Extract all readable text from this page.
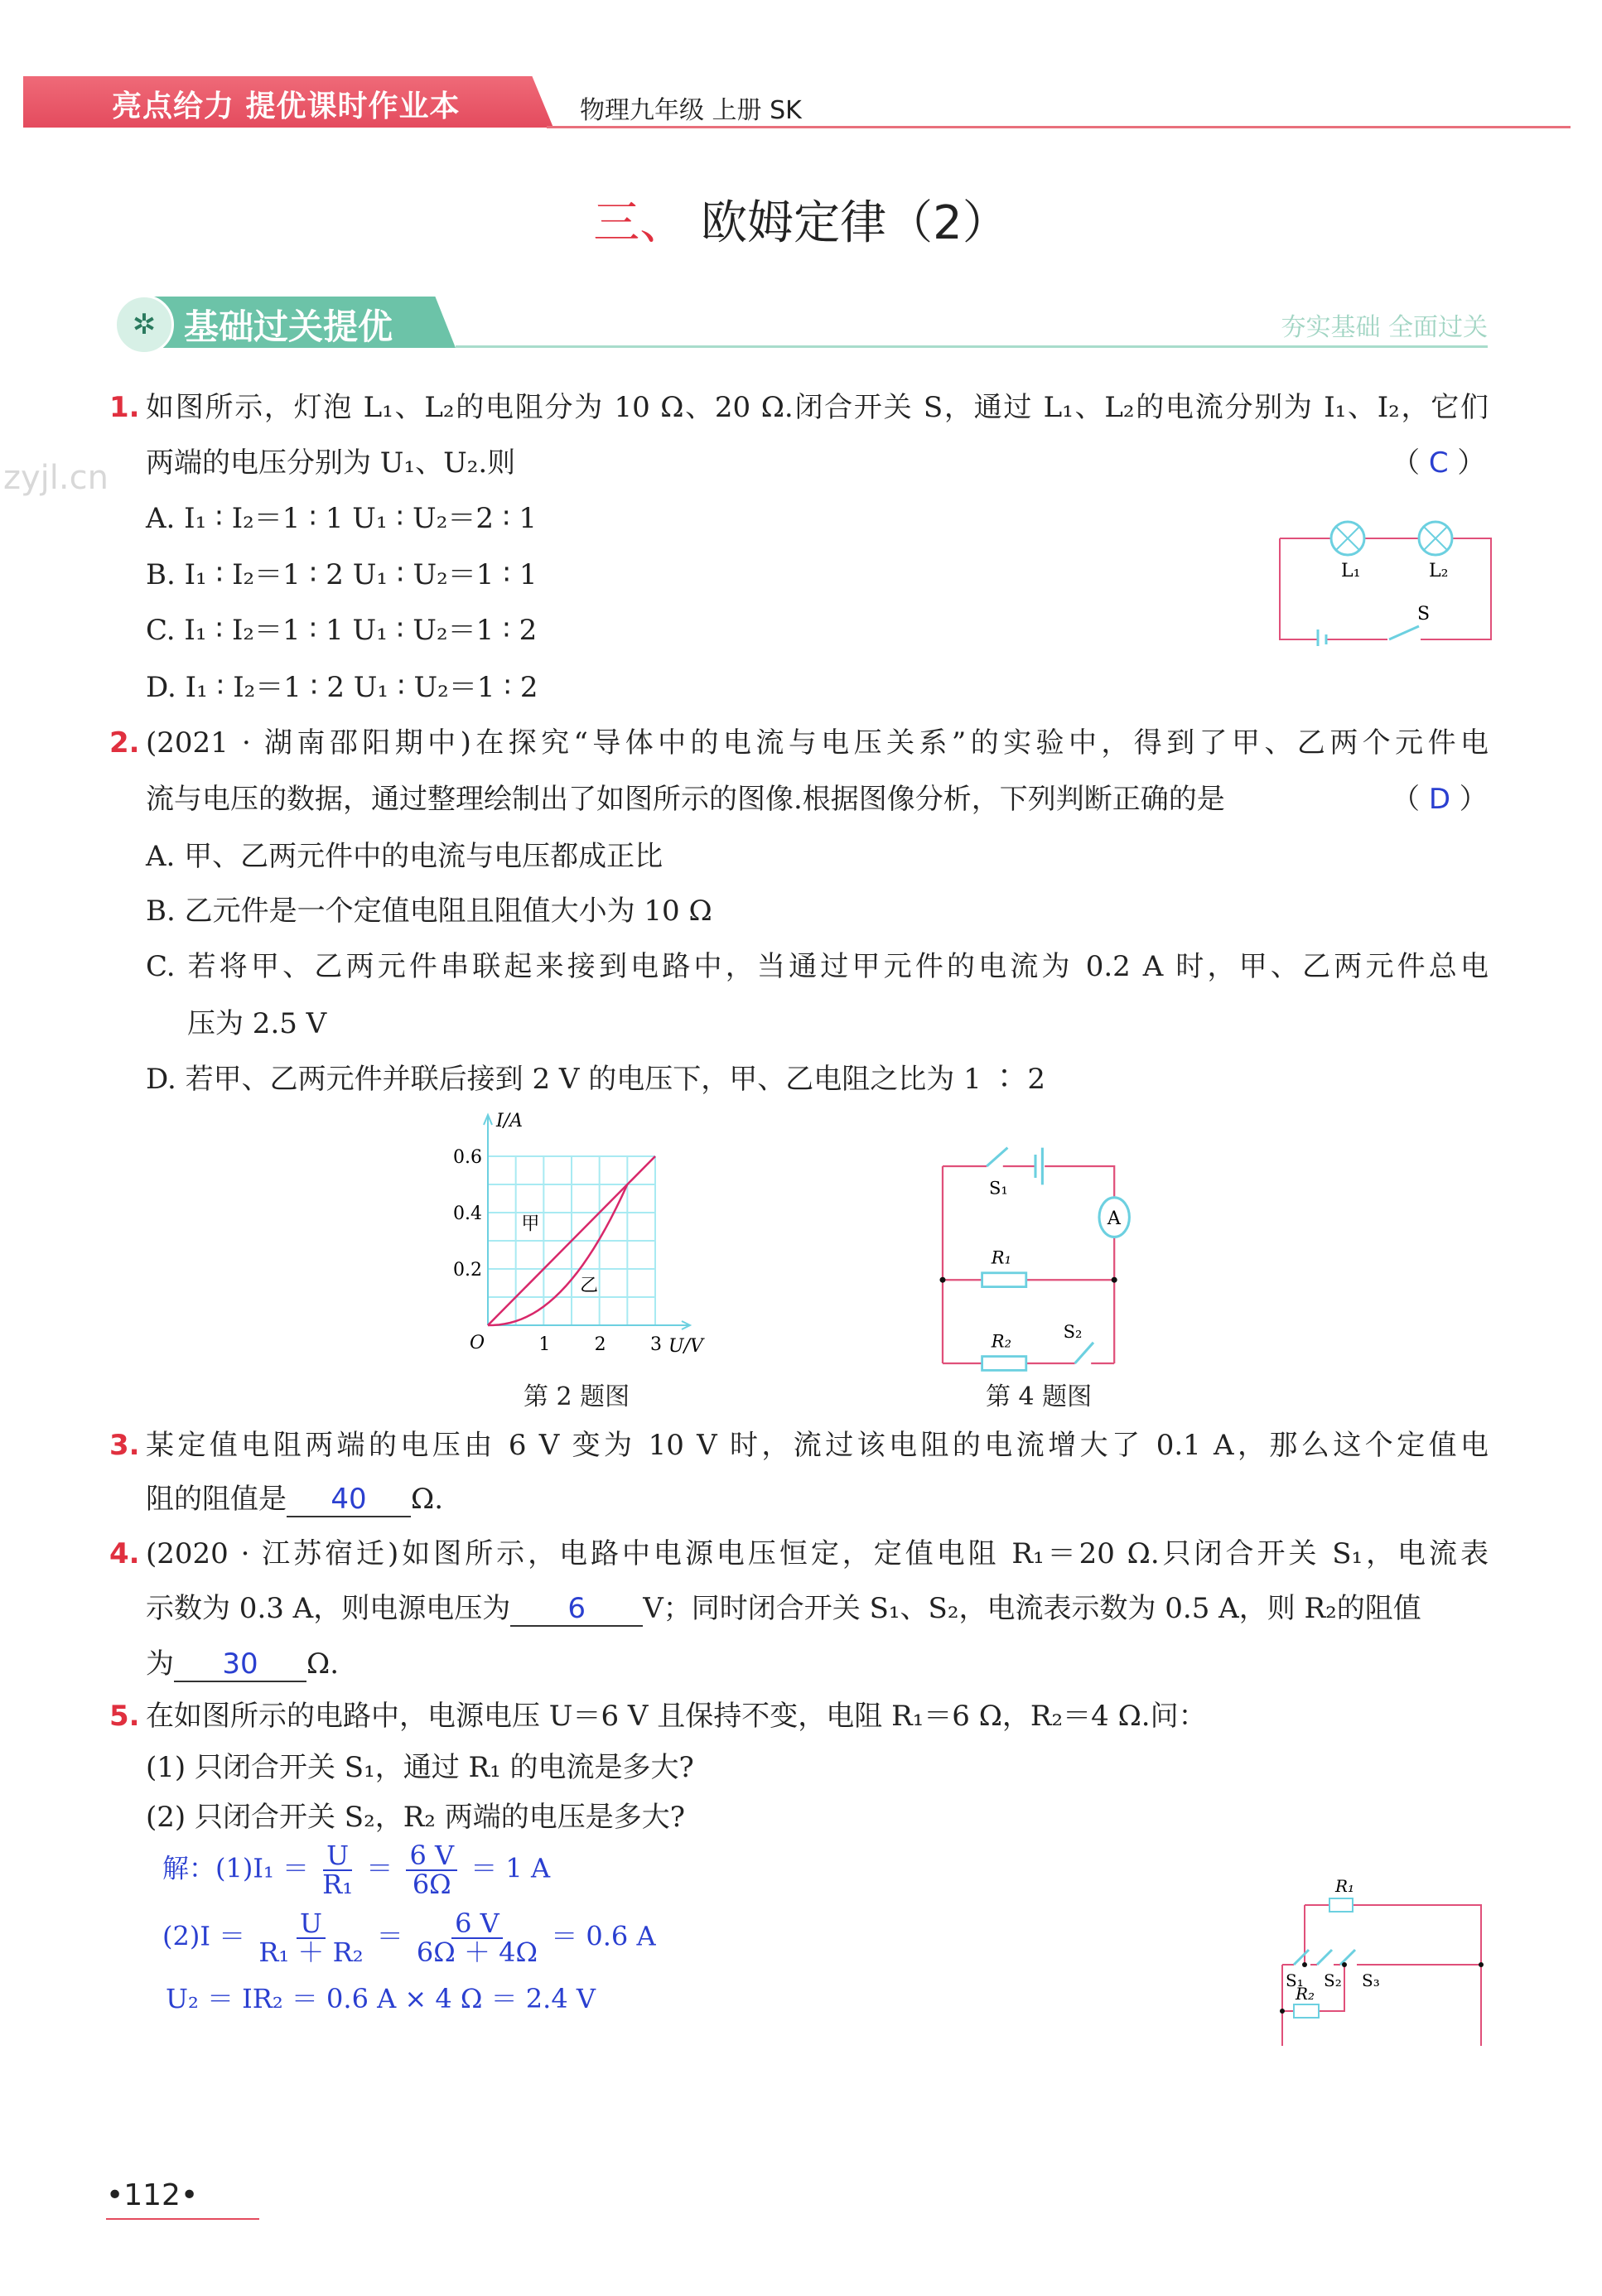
亮点给力 提优课时作业本	物理九年级 上册 SK
三、 欧姆定律（2）
✲ 基础过关提优	夯实基础 全面过关
zyjl.cn
1. 如图所示，灯泡 L₁、L₂的电阻分为 10 Ω、20 Ω.闭合开关 S，通过 L₁、L₂的电流分别为 I₁、I₂，它们
两端的电压分别为 U₁、U₂.则	（ C ）
A. I₁ ∶ I₂＝1 ∶ 1 U₁ ∶ U₂＝2 ∶ 1
B. I₁ ∶ I₂＝1 ∶ 2 U₁ ∶ U₂＝1 ∶ 1
C. I₁ ∶ I₂＝1 ∶ 1 U₁ ∶ U₂＝1 ∶ 2
D. I₁ ∶ I₂＝1 ∶ 2 U₁ ∶ U₂＝1 ∶ 2
L₁	L₂
S
2. (2021 · 湖南邵阳期中)在探究“导体中的电流与电压关系”的实验中，得到了甲、乙两个元件电
流与电压的数据，通过整理绘制出了如图所示的图像.根据图像分析，下列判断正确的是	（ D ）
A. 甲、乙两元件中的电流与电压都成正比
B. 乙元件是一个定值电阻且阻值大小为 10 Ω
C. 若将甲、乙两元件串联起来接到电路中，当通过甲元件的电流为 0.2 A 时，甲、乙两元件总电
压为 2.5 V
D. 若甲、乙两元件并联后接到 2 V 的电压下，甲、乙电阻之比为 1 ∶ 2
0.2
0.4
0.6
1 2 3
O
I/A
U/V
甲
乙
第 2 题图
A
S₁
R₁
R₂	S₂
第 4 题图
3. 某定值电阻两端的电压由 6 V 变为 10 V 时，流过该电阻的电流增大了 0.1 A，那么这个定值电
阻的阻值是 40 Ω.
4. (2020 · 江苏宿迁)如图所示，电路中电源电压恒定，定值电阻 R₁＝20 Ω.只闭合开关 S₁，电流表
示数为 0.3 A，则电源电压为 6 V；同时闭合开关 S₁、S₂，电流表示数为 0.5 A，则 R₂的阻值
为 30 Ω.
5. 在如图所示的电路中，电源电压 U＝6 V 且保持不变，电阻 R₁＝6 Ω，R₂＝4 Ω.问：
(1) 只闭合开关 S₁，通过 R₁ 的电流是多大?
(2) 只闭合开关 S₂，R₂ 两端的电压是多大?
解：$(1)I_1 = \frac{U}{\text{R₁}} = \frac{6 V}{6\Omega} = 1$ A
$(2)I = \frac{U}{\text{R₁ ＋ R₂}} = \frac{6 V}{6\Omega + 4\Omega} = 0.6$ A
U₂ ＝ IR₂ ＝ 0.6 A × 4 Ω ＝ 2.4 V
R₁
R₂
S₁ S₂ S₃
•112•
